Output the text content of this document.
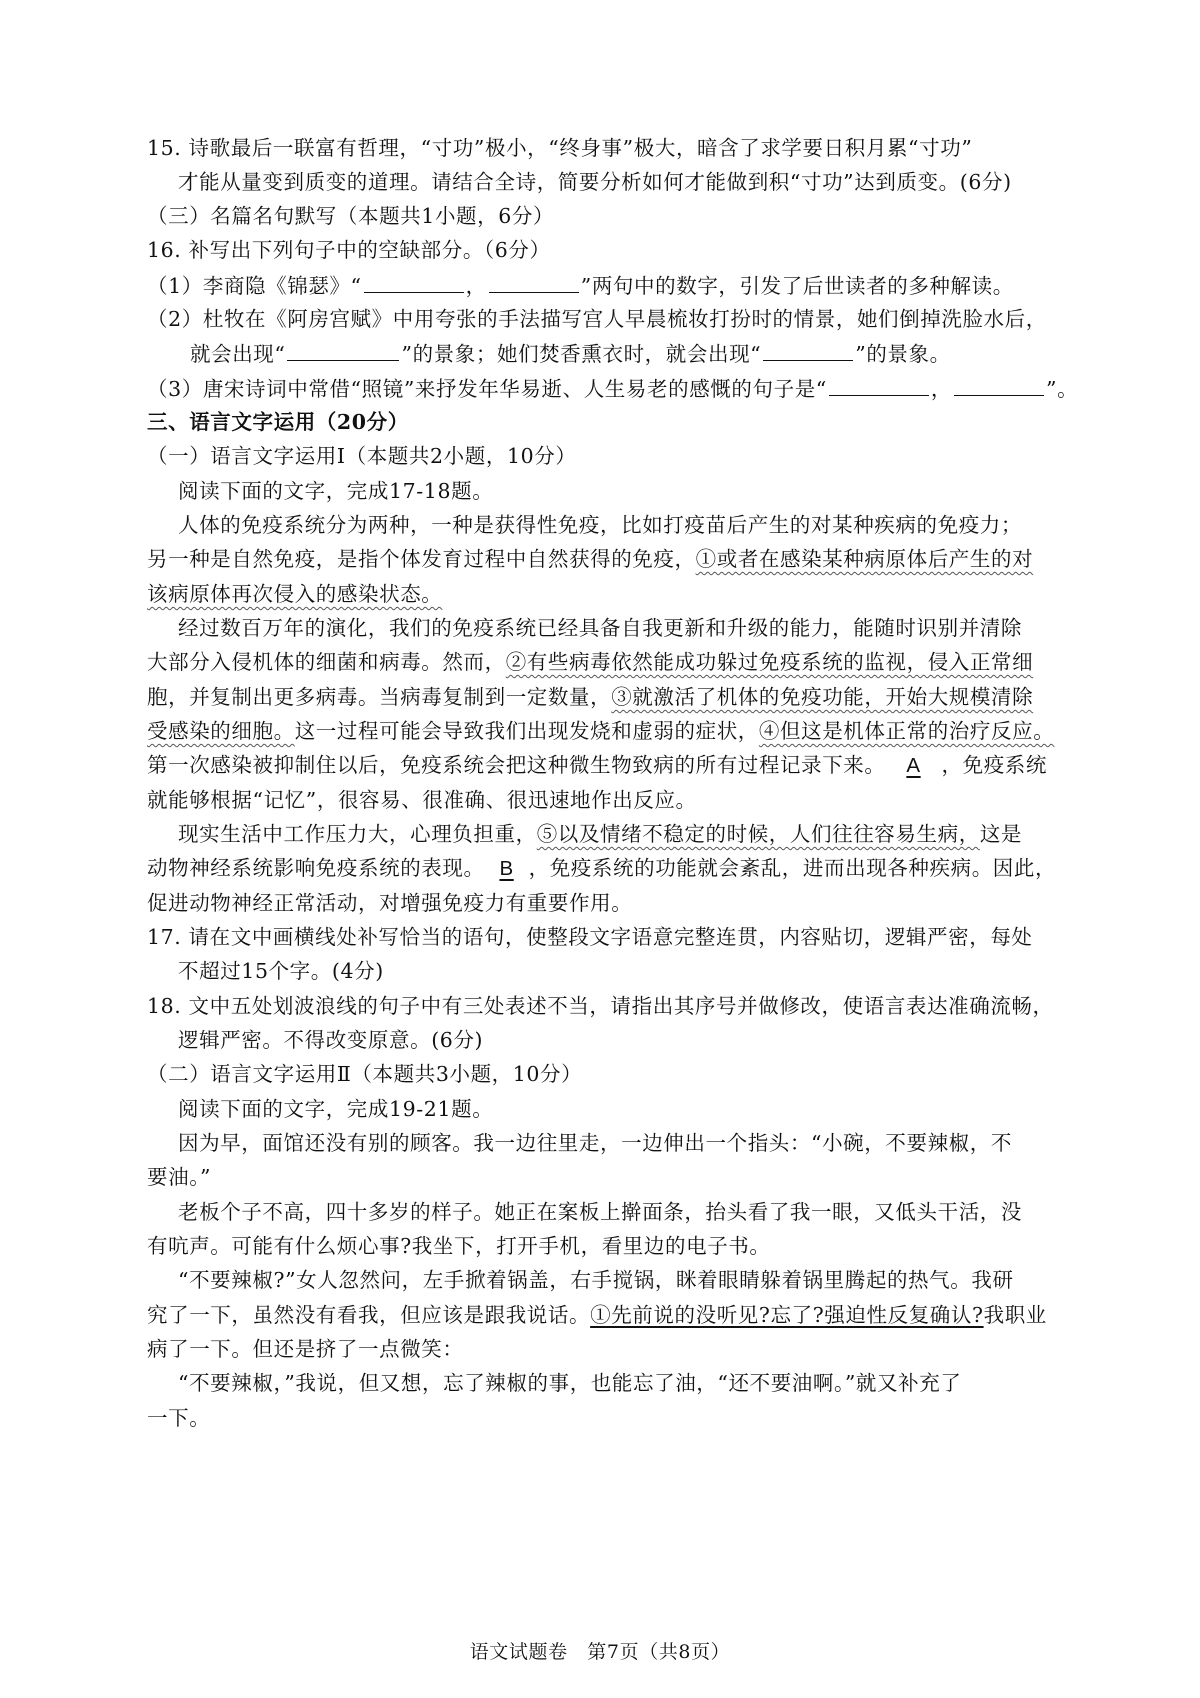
15. 诗歌最后一联富有哲理，“寸功”极小，“终身事”极大，暗含了求学要日积月累“寸功”
才能从量变到质变的道理。请结合全诗，简要分析如何才能做到积“寸功”达到质变。(6分)
（三）名篇名句默写（本题共1小题，6分）
16. 补写出下列句子中的空缺部分。（6分）
（1）李商隐《锦瑟》“	，	”两句中的数字，引发了后世读者的多种解读。
（2）杜牧在《阿房宫赋》中用夸张的手法描写宫人早晨梳妆打扮时的情景，她们倒掉洗脸水后，
就会出现“	”的景象；她们焚香熏衣时，就会出现“	”的景象。
（3）唐宋诗词中常借“照镜”来抒发年华易逝、人生易老的感慨的句子是“	，	”。
三、语言文字运用（20分）
（一）语言文字运用Ⅰ（本题共2小题，10分）
阅读下面的文字，完成17-18题。
人体的免疫系统分为两种，一种是获得性免疫，比如打疫苗后产生的对某种疾病的免疫力；
另一种是自然免疫，是指个体发育过程中自然获得的免疫，①或者在感染某种病原体后产生的对
该病原体再次侵入的感染状态。
经过数百万年的演化，我们的免疫系统已经具备自我更新和升级的能力，能随时识别并清除
大部分入侵机体的细菌和病毒。然而，②有些病毒依然能成功躲过免疫系统的监视，侵入正常细
胞，并复制出更多病毒。当病毒复制到一定数量，③就激活了机体的免疫功能，开始大规模清除
受感染的细胞。这一过程可能会导致我们出现发烧和虚弱的症状，④但这是机体正常的治疗反应。
第一次感染被抑制住以后，免疫系统会把这种微生物致病的所有过程记录下来。 A ，免疫系统
就能够根据“记忆”，很容易、很准确、很迅速地作出反应。
现实生活中工作压力大，心理负担重，⑤以及情绪不稳定的时候，人们往往容易生病，这是
动物神经系统影响免疫系统的表现。 B ，免疫系统的功能就会紊乱，进而出现各种疾病。因此，
促进动物神经正常活动，对增强免疫力有重要作用。
17. 请在文中画横线处补写恰当的语句，使整段文字语意完整连贯，内容贴切，逻辑严密，每处
不超过15个字。(4分)
18. 文中五处划波浪线的句子中有三处表述不当，请指出其序号并做修改，使语言表达准确流畅，
逻辑严密。不得改变原意。(6分)
（二）语言文字运用Ⅱ（本题共3小题，10分）
阅读下面的文字，完成19-21题。
因为早，面馆还没有别的顾客。我一边往里走，一边伸出一个指头：“小碗，不要辣椒，不
要油。”
老板个子不高，四十多岁的样子。她正在案板上擀面条，抬头看了我一眼，又低头干活，没
有吭声。可能有什么烦心事?我坐下，打开手机，看里边的电子书。
“不要辣椒?”女人忽然问，左手掀着锅盖，右手搅锅，眯着眼睛躲着锅里腾起的热气。我研
究了一下，虽然没有看我，但应该是跟我说话。①先前说的没听见?忘了?强迫性反复确认?我职业
病了一下。但还是挤了一点微笑：
“不要辣椒，”我说，但又想，忘了辣椒的事，也能忘了油，“还不要油啊。”就又补充了
一下。
语文试题卷　第7页（共8页）
